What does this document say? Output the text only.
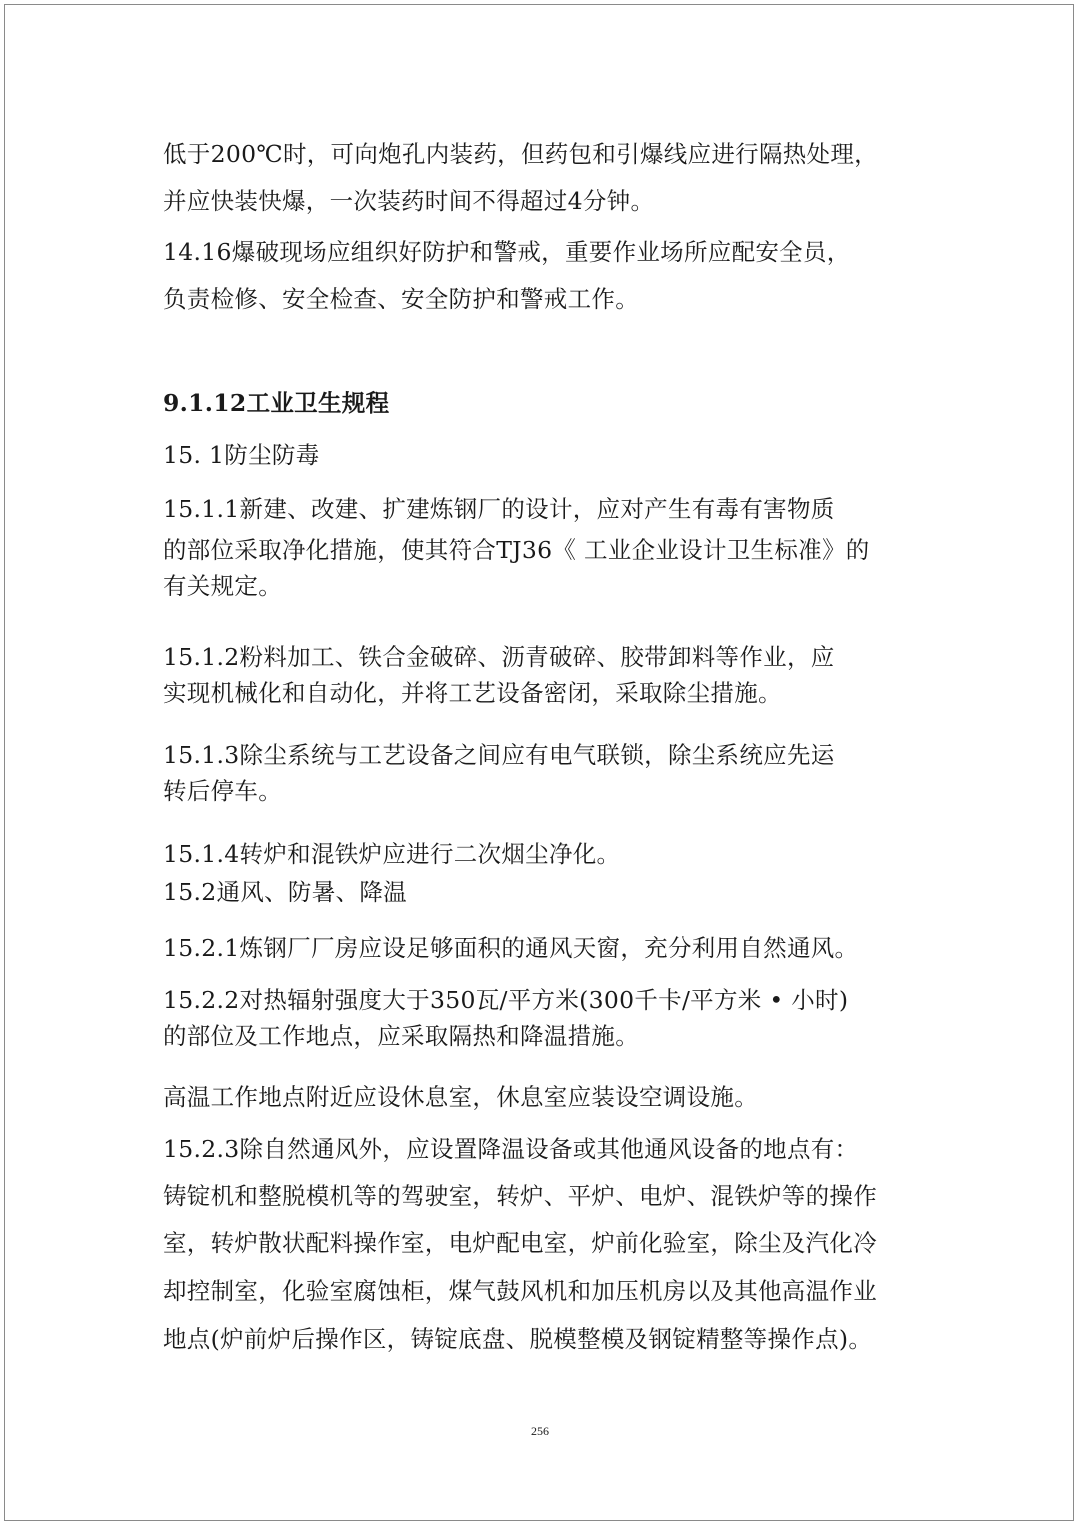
低于200℃时，可向炮孔内装药，但药包和引爆线应进行隔热处理，
并应快装快爆，一次装药时间不得超过4分钟。
14.16爆破现场应组织好防护和警戒，重要作业场所应配安全员，
负责检修、安全检查、安全防护和警戒工作。
9.1.12工业卫生规程
15. 1防尘防毒
15.1.1新建、改建、扩建炼钢厂的设计，应对产生有毒有害物质
的部位采取净化措施，使其符合TJ36《 工业企业设计卫生标准》的
有关规定。
15.1.2粉料加工、铁合金破碎、沥青破碎、胶带卸料等作业，应
实现机械化和自动化，并将工艺设备密闭，采取除尘措施。
15.1.3除尘系统与工艺设备之间应有电气联锁，除尘系统应先运
转后停车。
15.1.4转炉和混铁炉应进行二次烟尘净化。
15.2通风、防暑、降温
15.2.1炼钢厂厂房应设足够面积的通风天窗，充分利用自然通风。
15.2.2对热辐射强度大于350瓦/平方米(300千卡/平方米 • 小时)
的部位及工作地点，应采取隔热和降温措施。
高温工作地点附近应设休息室，休息室应装设空调设施。
15.2.3除自然通风外，应设置降温设备或其他通风设备的地点有：
铸锭机和整脱模机等的驾驶室，转炉、平炉、电炉、混铁炉等的操作
室，转炉散状配料操作室，电炉配电室，炉前化验室，除尘及汽化冷
却控制室，化验室腐蚀柜，煤气鼓风机和加压机房以及其他高温作业
地点(炉前炉后操作区，铸锭底盘、脱模整模及钢锭精整等操作点)。
256
